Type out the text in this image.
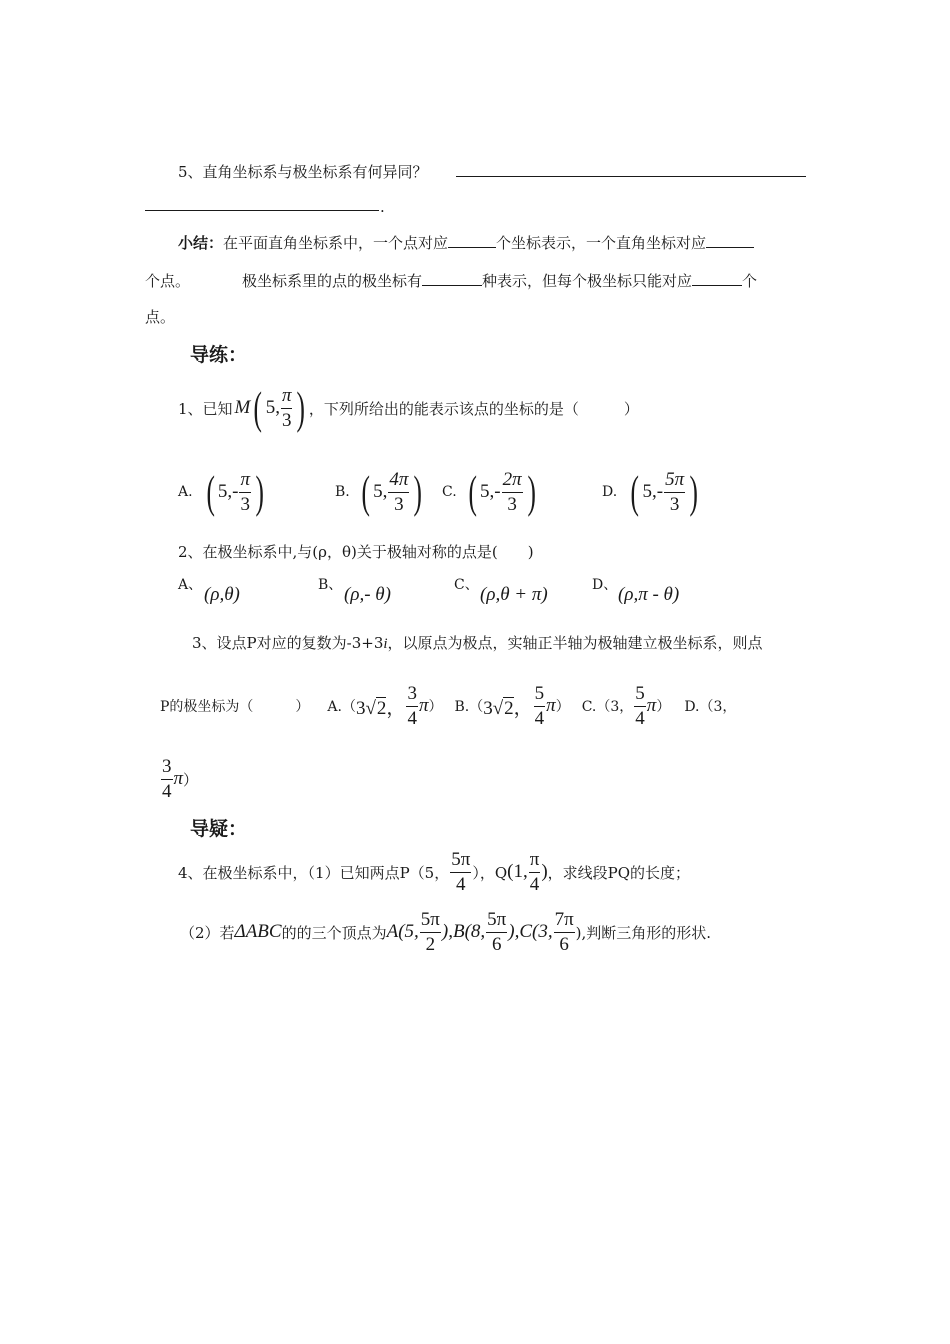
5、直角坐标系与极坐标系有何异同？
.
小结：在平面直角坐标系中，一个点对应	个坐标表示，一个直角坐标对应
个点。	极坐标系里的点的极坐标有	种表示，但每个极坐标只能对应	个
点。
导练：
1、已知 M ( 5 , $\frac{\pi}{3}$ ) ，下列所给出的能表示该点的坐标的是（　　　）
A. ( $5,- \frac{\pi}{3}$ )	B. ( 5, $\frac{4\pi}{3}$ ) C. ( $5,- \frac{2\pi}{3}$ )	D. ( $5,- \frac{5\pi}{3}$ )
2、在极坐标系中,与(ρ，θ)关于极轴对称的点是(　　)
A、 (ρ,θ)	B、 (ρ,- θ)	C、 (ρ,θ + π)	D、 (ρ,π - θ)
3、设点P对应的复数为-3+3i，以原点为极点，实轴正半轴为极轴建立极坐标系，则点
P的极坐标为（　　　） A.（ 3√2， $\frac{3}{4}$ π ） B.（ 3√2， $\frac{5}{4}$ π ） C.（3， $\frac{5}{4}$ π ） D.（3，
$\frac{3}{4}$ π ）
导疑：
4、在极坐标系中，（1）已知两点P（5， $\frac{5\pi}{4}$ ），Q (1, $\frac{\pi}{4}$ ) ，求线段PQ的长度；
（2）若 ΔABC 的的三个顶点为 A(5, $\frac{5\pi}{2} ),B(8$, $\frac{5\pi}{6} ),C(3$, $\frac{7\pi}{6}$ ),判断三角形的形状.
